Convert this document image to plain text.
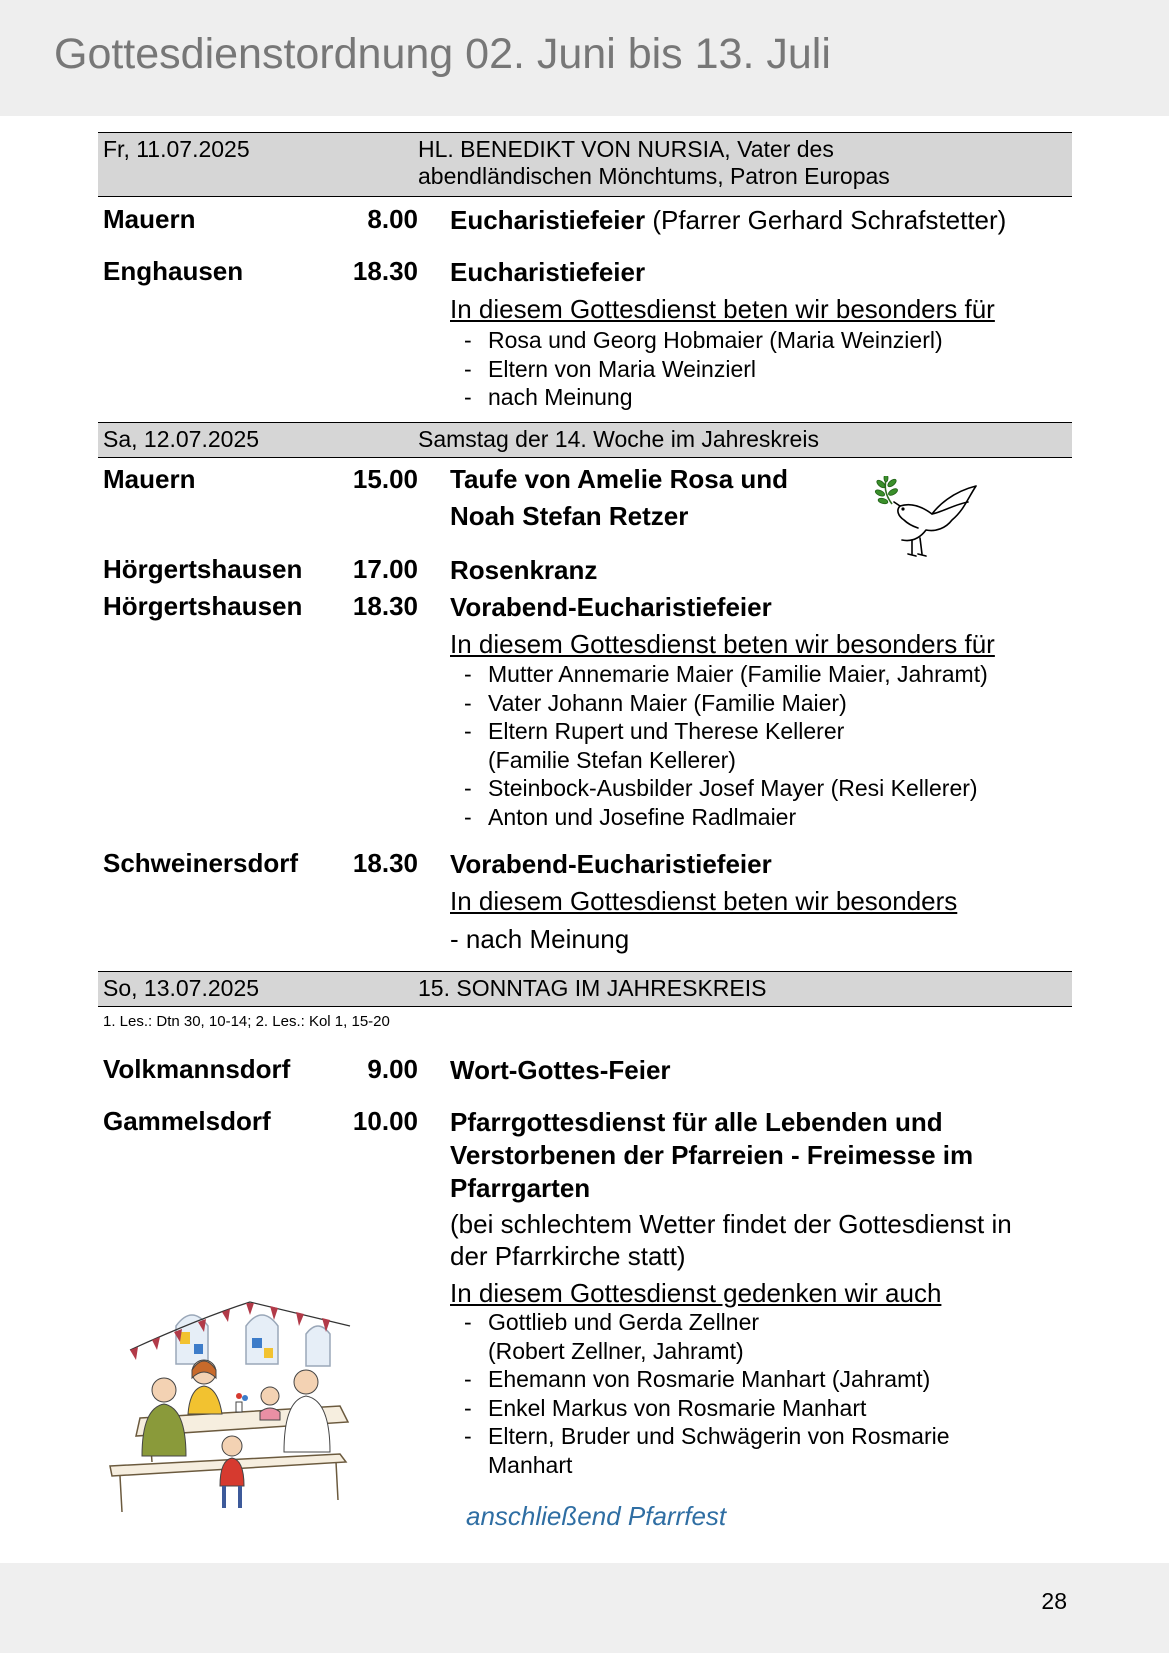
Gottesdienstordnung 02. Juni bis 13. Juli
Fr, 11.07.2025	HL. BENEDIKT VON NURSIA, Vater des
abendländischen Mönchtums, Patron Europas
Mauern	8.00 Eucharistiefeier (Pfarrer Gerhard Schrafstetter)
Enghausen	18.30 Eucharistiefeier
In diesem Gottesdienst beten wir besonders für
- Rosa und Georg Hobmaier (Maria Weinzierl)
- Eltern von Maria Weinzierl
- nach Meinung
Sa, 12.07.2025	Samstag der 14. Woche im Jahreskreis
Mauern	15.00 Taufe von Amelie Rosa und
Noah Stefan Retzer
Hörgertshausen	17.00 Rosenkranz
Hörgertshausen	18.30 Vorabend-Eucharistiefeier
In diesem Gottesdienst beten wir besonders für
- Mutter Annemarie Maier (Familie Maier, Jahramt)
- Vater Johann Maier (Familie Maier)
- Eltern Rupert und Therese Kellerer
(Familie Stefan Kellerer)
- Steinbock-Ausbilder Josef Mayer (Resi Kellerer)
- Anton und Josefine Radlmaier
Schweinersdorf	18.30 Vorabend-Eucharistiefeier
In diesem Gottesdienst beten wir besonders
- nach Meinung
So, 13.07.2025	15. SONNTAG IM JAHRESKREIS
1. Les.: Dtn 30, 10-14; 2. Les.: Kol 1, 15-20
Volkmannsdorf	9.00 Wort-Gottes-Feier
Gammelsdorf	10.00 Pfarrgottesdienst für alle Lebenden und
Verstorbenen der Pfarreien - Freimesse im
Pfarrgarten
(bei schlechtem Wetter findet der Gottesdienst in
der Pfarrkirche statt)
In diesem Gottesdienst gedenken wir auch
- Gottlieb und Gerda Zellner
(Robert Zellner, Jahramt)
- Ehemann von Rosmarie Manhart (Jahramt)
- Enkel Markus von Rosmarie Manhart
- Eltern, Bruder und Schwägerin von Rosmarie
Manhart
anschließend Pfarrfest
28
